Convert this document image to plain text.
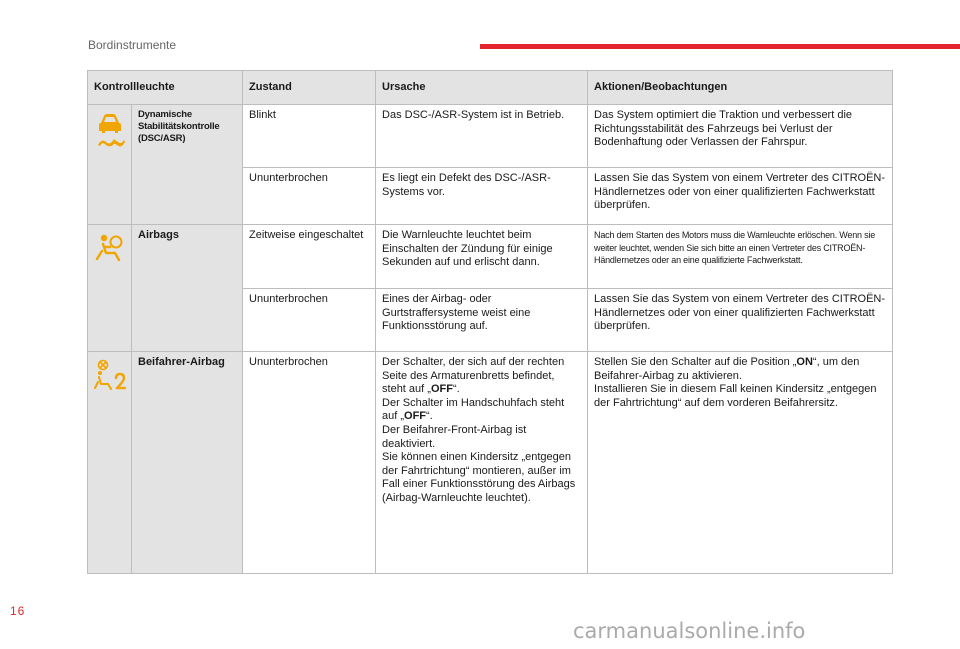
Bordinstrumente
Kontrollleuchte		Zustand	Ursache	Aktionen/Beobachtungen

Dynamische Stabilitätskontrolle (DSC/ASR)	Blinkt	Das DSC-/ASR-System ist in Betrieb.	Das System optimiert die Traktion und verbessert die Richtungsstabilität des Fahrzeugs bei Verlust der Bodenhaftung oder Verlassen der Fahrspur.
		Ununterbrochen	Es liegt ein Defekt des DSC-/ASR-Systems vor.	Lassen Sie das System von einem Vertreter des CITROËN-Händlernetzes oder von einer qualifizierten Fachwerkstatt überprüfen.

Airbags	Zeitweise eingeschaltet	Die Warnleuchte leuchtet beim Einschalten der Zündung für einige Sekunden auf und erlischt dann.	Nach dem Starten des Motors muss die Warnleuchte erlöschen. Wenn sie weiter leuchtet, wenden Sie sich bitte an einen Vertreter des CITROËN-Händlernetzes oder an eine qualifizierte Fachwerkstatt.

		Ununterbrochen	Eines der Airbag- oder Gurtstraffersysteme weist eine Funktionsstörung auf.	Lassen Sie das System von einem Vertreter des CITROËN-Händlernetzes oder von einer qualifizierten Fachwerkstatt überprüfen.

Beifahrer-Airbag	Ununterbrochen	Der Schalter, der sich auf der rechten Seite des Armaturenbretts befindet, steht auf „OFF“.
Der Schalter im Handschuhfach steht auf „OFF“.
Der Beifahrer-Front-Airbag ist deaktiviert.
Sie können einen Kindersitz „entgegen der Fahrtrichtung“ montieren, außer im Fall einer Funktionsstörung des Airbags (Airbag-Warnleuchte leuchtet).	Stellen Sie den Schalter auf die Position „ON“, um den Beifahrer-Airbag zu aktivieren.
Installieren Sie in diesem Fall keinen Kindersitz „entgegen der Fahrtrichtung“ auf dem vorderen Beifahrersitz.
16
carmanualsonline.info
